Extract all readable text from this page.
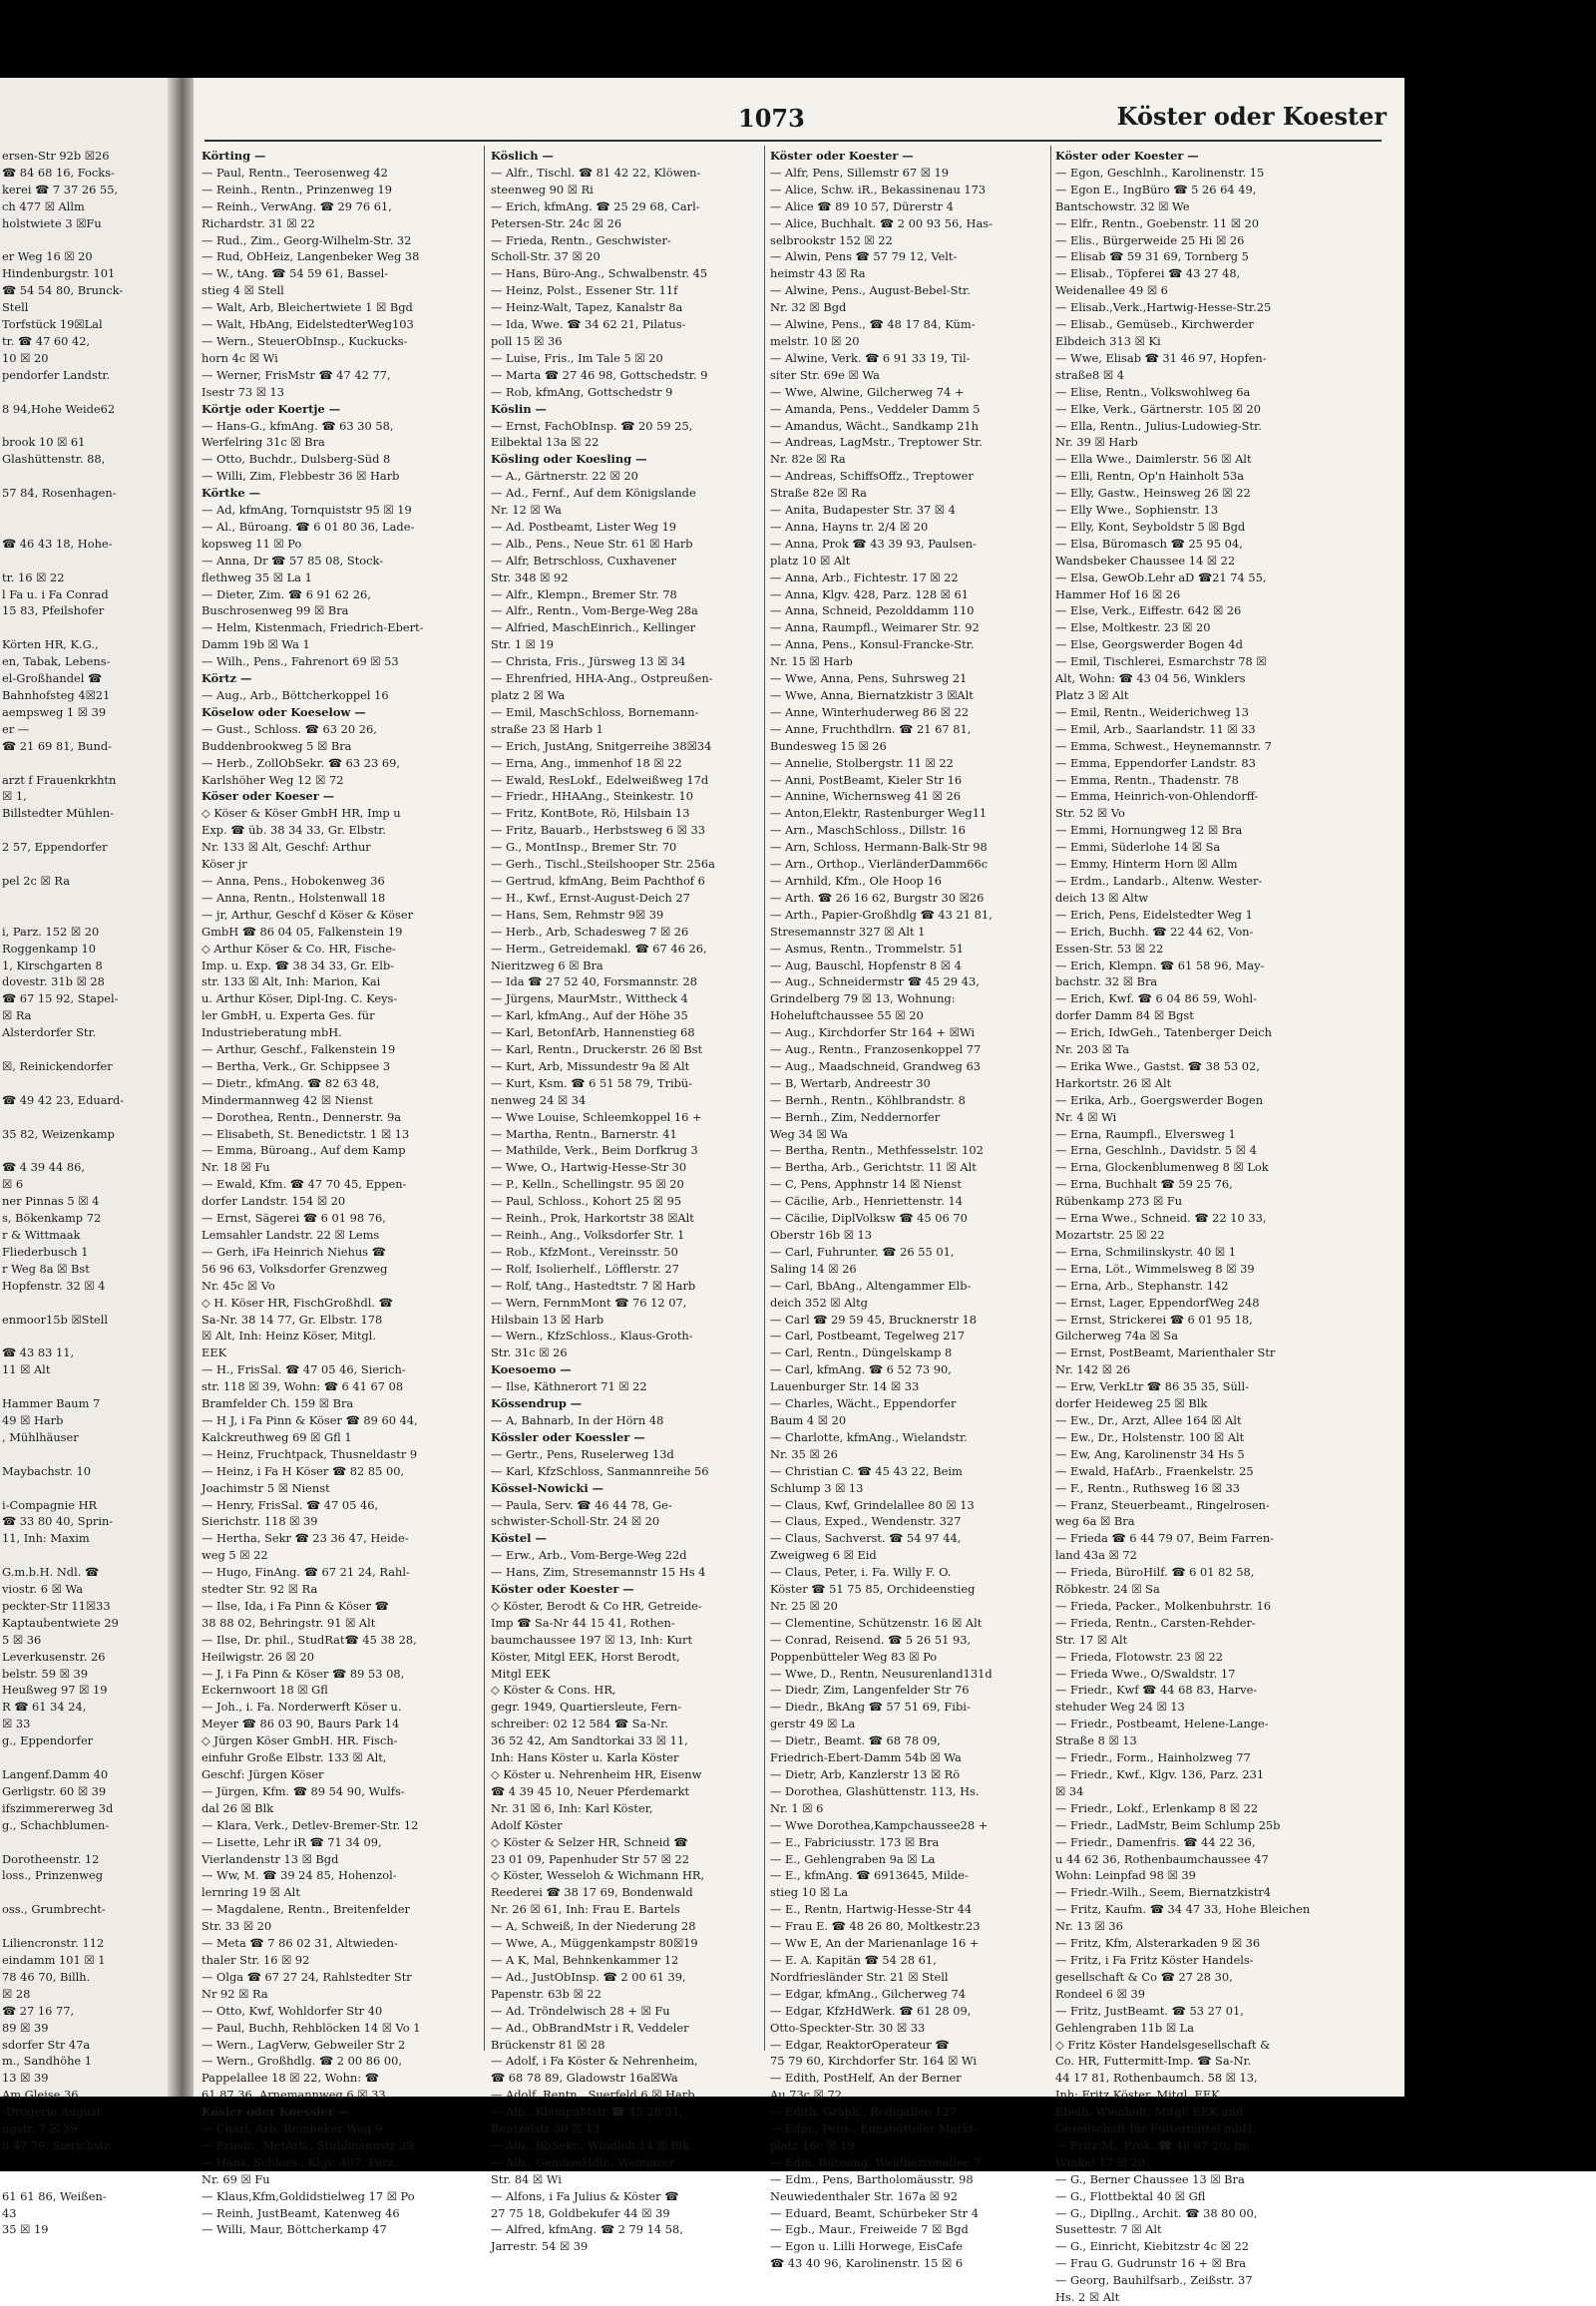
ersen-Str 92b ☒26
☎ 84 68 16, Focks-
kerei ☎ 7 37 26 55,
ch 477 ☒ Allm
holstwiete 3 ☒Fu

er Weg 16 ☒ 20
Hindenburgstr. 101
☎ 54 54 80, Brunck-
Stell
Torfstück 19☒Lal
tr. ☎ 47 60 42,
10 ☒ 20
pendorfer Landstr.

8 94,Hohe Weide62

brook 10 ☒ 61
Glashüttenstr. 88,

57 84, Rosenhagen-

☎ 46 43 18, Hohe-

tr. 16 ☒ 22
l Fa u. i Fa Conrad
15 83, Pfeilshofer

Körten HR, K.G.,
en, Tabak, Lebens-
el-Großhandel ☎
Bahnhofsteg 4☒21
aempsweg 1 ☒ 39
er —
☎ 21 69 81, Bund-

arzt f Frauenkrkhtn
☒ 1,
Billstedter Mühlen-

2 57, Eppendorfer

pel 2c ☒ Ra

i, Parz. 152 ☒ 20
Roggenkamp 10
1, Kirschgarten 8
dovestr. 31b ☒ 28
☎ 67 15 92, Stapel-
☒ Ra
Alsterdorfer Str.

☒, Reinickendorfer

☎ 49 42 23, Eduard-

35 82, Weizenkamp

☎ 4 39 44 86,
☒ 6
ner Pinnas 5 ☒ 4
s, Bökenkamp 72
r & Wittmaak
Fliederbusch 1
r Weg 8a ☒ Bst
Hopfenstr. 32 ☒ 4

enmoor15b ☒Stell

☎ 43 83 11,
11 ☒ Alt

Hammer Baum 7
49 ☒ Harb
, Mühlhäuser

Maybachstr. 10

i-Compagnie HR
☎ 33 80 40, Sprin-
11, Inh: Maxim

G.m.b.H. Ndl. ☎
viostr. 6 ☒ Wa
peckter-Str 11☒33
Kaptaubentwiete 29
5 ☒ 36
Leverkusenstr. 26
belstr. 59 ☒ 39
Heußweg 97 ☒ 19
R ☎ 61 34 24,
☒ 33
g., Eppendorfer

Langenf.Damm 40
Gerligstr. 60 ☒ 39
ifszimmererweg 3d
g., Schachblumen-

Dorotheenstr. 12
loss., Prinzenweg

oss., Grumbrecht-

Liliencronstr. 112
eindamm 101 ☒ 1
78 46 70, Billh.
☒ 28
☎ 27 16 77,
89 ☒ 39
sdorfer Str 47a
m., Sandhöhe 1
13 ☒ 39
Am Gleise 36
-Drogerie August
ngstr. 7 ☒ 39
8 47 79, Sierichstr.

61 61 86, Weißen-
43
35 ☒ 19
1073	Köster oder Koester
Körting —
— Paul, Rentn., Teerosenweg 42
— Reinh., Rentn., Prinzenweg 19
— Reinh., VerwAng. ☎ 29 76 61,
Richardstr. 31 ☒ 22
— Rud., Zim., Georg-Wilhelm-Str. 32
— Rud, ObHeiz, Langenbeker Weg 38
— W., tAng. ☎ 54 59 61, Bassel-
stieg 4 ☒ Stell
— Walt, Arb, Bleichertwiete 1 ☒ Bgd
— Walt, HbAng, EidelstedterWeg103
— Wern., SteuerObInsp., Kuckucks-
horn 4c ☒ Wi
— Werner, FrisMstr ☎ 47 42 77,
Isestr 73 ☒ 13
Körtje oder Koertje —
— Hans-G., kfmAng. ☎ 63 30 58,
Werfelring 31c ☒ Bra
— Otto, Buchdr., Dulsberg-Süd 8
— Willi, Zim, Flebbestr 36 ☒ Harb
Körtke —
— Ad, kfmAng, Tornquiststr 95 ☒ 19
— Al., Büroang. ☎ 6 01 80 36, Lade-
kopsweg 11 ☒ Po
— Anna, Dr ☎ 57 85 08, Stock-
flethweg 35 ☒ La 1
— Dieter, Zim. ☎ 6 91 62 26,
Buschrosenweg 99 ☒ Bra
— Helm, Kistenmach, Friedrich-Ebert-
Damm 19b ☒ Wa 1
— Wilh., Pens., Fahrenort 69 ☒ 53
Körtz —
— Aug., Arb., Böttcherkoppel 16
Köselow oder Koeselow —
— Gust., Schloss. ☎ 63 20 26,
Buddenbrookweg 5 ☒ Bra
— Herb., ZollObSekr. ☎ 63 23 69,
Karlshöher Weg 12 ☒ 72
Köser oder Koeser —
◇ Köser & Köser GmbH HR, Imp u
Exp. ☎ üb. 38 34 33, Gr. Elbstr.
Nr. 133 ☒ Alt, Geschf: Arthur
Köser jr
— Anna, Pens., Hobokenweg 36
— Anna, Rentn., Holstenwall 18
— jr, Arthur, Geschf d Köser & Köser
GmbH ☎ 86 04 05, Falkenstein 19
◇ Arthur Köser & Co. HR, Fische-
Imp. u. Exp. ☎ 38 34 33, Gr. Elb-
str. 133 ☒ Alt, Inh: Marion, Kai
u. Arthur Köser, Dipl-Ing. C. Keys-
ler GmbH, u. Experta Ges. für
Industrieberatung mbH.
— Arthur, Geschf., Falkenstein 19
— Bertha, Verk., Gr. Schippsee 3
— Dietr., kfmAng. ☎ 82 63 48,
Mindermannweg 42 ☒ Nienst
— Dorothea, Rentn., Dennerstr. 9a
— Elisabeth, St. Benedictstr. 1 ☒ 13
— Emma, Büroang., Auf dem Kamp
Nr. 18 ☒ Fu
— Ewald, Kfm. ☎ 47 70 45, Eppen-
dorfer Landstr. 154 ☒ 20
— Ernst, Sägerei ☎ 6 01 98 76,
Lemsahler Landstr. 22 ☒ Lems
— Gerh, iFa Heinrich Niehus ☎
56 96 63, Volksdorfer Grenzweg
Nr. 45c ☒ Vo
◇ H. Köser HR, FischGroßhdl. ☎
Sa-Nr. 38 14 77, Gr. Elbstr. 178
☒ Alt, Inh: Heinz Köser, Mitgl.
EEK
— H., FrisSal. ☎ 47 05 46, Sierich-
str. 118 ☒ 39, Wohn: ☎ 6 41 67 08
Bramfelder Ch. 159 ☒ Bra
— H J, i Fa Pinn & Köser ☎ 89 60 44,
Kalckreuthweg 69 ☒ Gfl 1
— Heinz, Fruchtpack, Thusneldastr 9
— Heinz, i Fa H Köser ☎ 82 85 00,
Joachimstr 5 ☒ Nienst
— Henry, FrisSal. ☎ 47 05 46,
Sierichstr. 118 ☒ 39
— Hertha, Sekr ☎ 23 36 47, Heide-
weg 5 ☒ 22
— Hugo, FinAng. ☎ 67 21 24, Rahl-
stedter Str. 92 ☒ Ra
— Ilse, Ida, i Fa Pinn & Köser ☎
38 88 02, Behringstr. 91 ☒ Alt
— Ilse, Dr. phil., StudRat☎ 45 38 28,
Heilwigstr. 26 ☒ 20
— J, i Fa Pinn & Köser ☎ 89 53 08,
Eckernwoort 18 ☒ Gfl
— Joh., i. Fa. Norderwerft Köser u.
Meyer ☎ 86 03 90, Baurs Park 14
◇ Jürgen Köser GmbH. HR. Fisch-
einfuhr Große Elbstr. 133 ☒ Alt,
Geschf: Jürgen Köser
— Jürgen, Kfm. ☎ 89 54 90, Wulfs-
dal 26 ☒ Blk
— Klara, Verk., Detlev-Bremer-Str. 12
— Lisette, Lehr iR ☎ 71 34 09,
Vierlandenstr 13 ☒ Bgd
— Ww, M. ☎ 39 24 85, Hohenzol-
lernring 19 ☒ Alt
— Magdalene, Rentn., Breitenfelder
Str. 33 ☒ 20
— Meta ☎ 7 86 02 31, Altwieden-
thaler Str. 16 ☒ 92
— Olga ☎ 67 27 24, Rahlstedter Str
Nr 92 ☒ Ra
— Otto, Kwf, Wohldorfer Str 40
— Paul, Buchh, Rehblöcken 14 ☒ Vo 1
— Wern., LagVerw, Gebweiler Str 2
— Wern., Großhdlg. ☎ 2 00 86 00,
Pappelallee 18 ☒ 22, Wohn: ☎
61 87 36, Arnemannweg 6 ☒ 33
Kösler oder Koessler —
— Charl, Arb, Reinbeker Weg 9
— Friedr., MetArb., Stuhlmannstr 29
— Hans, Schloss., Klgv. 407, Parz.
Nr. 69 ☒ Fu
— Klaus,Kfm,Goldidstielweg 17 ☒ Po
— Reinh, JustBeamt, Katenweg 46
— Willi, Maur, Böttcherkamp 47
Köslich —
— Alfr., Tischl. ☎ 81 42 22, Klöwen-
steenweg 90 ☒ Ri
— Erich, kfmAng. ☎ 25 29 68, Carl-
Petersen-Str. 24c ☒ 26
— Frieda, Rentn., Geschwister-
Scholl-Str. 37 ☒ 20
— Hans, Büro-Ang., Schwalbenstr. 45
— Heinz, Polst., Essener Str. 11f
— Heinz-Walt, Tapez, Kanalstr 8a
— Ida, Wwe. ☎ 34 62 21, Pilatus-
poll 15 ☒ 36
— Luise, Fris., Im Tale 5 ☒ 20
— Marta ☎ 27 46 98, Gottschedstr. 9
— Rob, kfmAng, Gottschedstr 9
Köslin —
— Ernst, FachObInsp. ☎ 20 59 25,
Eilbektal 13a ☒ 22
Kösling oder Koesling —
— A., Gärtnerstr. 22 ☒ 20
— Ad., Fernf., Auf dem Königslande
Nr. 12 ☒ Wa
— Ad. Postbeamt, Lister Weg 19
— Alb., Pens., Neue Str. 61 ☒ Harb
— Alfr, Betrschloss, Cuxhavener
Str. 348 ☒ 92
— Alfr., Klempn., Bremer Str. 78
— Alfr., Rentn., Vom-Berge-Weg 28a
— Alfried, MaschEinrich., Kellinger
Str. 1 ☒ 19
— Christa, Fris., Jürsweg 13 ☒ 34
— Ehrenfried, HHA-Ang., Ostpreußen-
platz 2 ☒ Wa
— Emil, MaschSchloss, Bornemann-
straße 23 ☒ Harb 1
— Erich, JustAng, Snitgerreihe 38☒34
— Erna, Ang., immenhof 18 ☒ 22
— Ewald, ResLokf., Edelweißweg 17d
— Friedr., HHAAng., Steinkestr. 10
— Fritz, KontBote, Rö, Hilsbain 13
— Fritz, Bauarb., Herbstsweg 6 ☒ 33
— G., MontInsp., Bremer Str. 70
— Gerh., Tischl.,Steilshooper Str. 256a
— Gertrud, kfmAng, Beim Pachthof 6
— H., Kwf., Ernst-August-Deich 27
— Hans, Sem, Rehmstr 9☒ 39
— Herb., Arb, Schadesweg 7 ☒ 26
— Herm., Getreidemakl. ☎ 67 46 26,
Nieritzweg 6 ☒ Bra
— Ida ☎ 27 52 40, Forsmannstr. 28
— Jürgens, MaurMstr., Wittheck 4
— Karl, kfmAng., Auf der Höhe 35
— Karl, BetonfArb, Hannenstieg 68
— Karl, Rentn., Druckerstr. 26 ☒ Bst
— Kurt, Arb, Missundestr 9a ☒ Alt
— Kurt, Ksm. ☎ 6 51 58 79, Tribü-
nenweg 24 ☒ 34
— Wwe Louise, Schleemkoppel 16 +
— Martha, Rentn., Barnerstr. 41
— Mathilde, Verk., Beim Dorfkrug 3
— Wwe, O., Hartwig-Hesse-Str 30
— P., Kelln., Schellingstr. 95 ☒ 20
— Paul, Schloss., Kohort 25 ☒ 95
— Reinh., Prok, Harkortstr 38 ☒Alt
— Reinh., Ang., Volksdorfer Str. 1
— Rob., KfzMont., Vereinsstr. 50
— Rolf, Isolierhelf., Löfflerstr. 27
— Rolf, tAng., Hastedtstr. 7 ☒ Harb
— Wern, FernmMont ☎ 76 12 07,
Hilsbain 13 ☒ Harb
— Wern., KfzSchloss., Klaus-Groth-
Str. 31c ☒ 26
Koesoemo —
— Ilse, Käthnerort 71 ☒ 22
Kössendrup —
— A, Bahnarb, In der Hörn 48
Kössler oder Koessler —
— Gertr., Pens, Ruselerweg 13d
— Karl, KfzSchloss, Sanmannreihe 56
Kössel-Nowicki —
— Paula, Serv. ☎ 46 44 78, Ge-
schwister-Scholl-Str. 24 ☒ 20
Köstel —
— Erw., Arb., Vom-Berge-Weg 22d
— Hans, Zim, Stresemannstr 15 Hs 4
Köster oder Koester —
◇ Köster, Berodt & Co HR, Getreide-
Imp ☎ Sa-Nr 44 15 41, Rothen-
baumchaussee 197 ☒ 13, Inh: Kurt
Köster, Mitgl EEK, Horst Berodt,
Mitgl EEK
◇ Köster & Cons. HR,
gegr. 1949, Quartiersleute, Fern-
schreiber: 02 12 584 ☎ Sa-Nr.
36 52 42, Am Sandtorkai 33 ☒ 11,
Inh: Hans Köster u. Karla Köster
◇ Köster u. Nehrenheim HR, Eisenw
☎ 4 39 45 10, Neuer Pferdemarkt
Nr. 31 ☒ 6, Inh: Karl Köster,
Adolf Köster
◇ Köster & Selzer HR, Schneid ☎
23 01 09, Papenhuder Str 57 ☒ 22
◇ Köster, Wesseloh & Wichmann HR,
Reederei ☎ 38 17 69, Bondenwald
Nr. 26 ☒ 61, Inh: Frau E. Bartels
— A, Schweiß, In der Niederung 28
— Wwe, A., Müggenkampstr 80☒19
— A K, Mal, Behnkenkammer 12
— Ad., JustObInsp. ☎ 2 00 61 39,
Papenstr. 63b ☒ 22
— Ad. Tröndelwisch 28 + ☒ Fu
— Ad., ObBrandMstr i R, Veddeler
Brückenstr 81 ☒ 28
— Adolf, i Fa Köster & Nehrenheim,
☎ 68 78 89, Gladowstr 16a☒Wa
— Adolf, Rentn., Suerfeld 6 ☒ Harb
— Alb., KlempnMstr ☎ 45 28 51,
Rentzelstr 50 ☒ 13
— Alb., BbSekr., Windloh 14 ☒ Blk
— Alb., GemüseHdlr., Weimarer
Str. 84 ☒ Wi
— Alfons, i Fa Julius & Köster ☎
27 75 18, Goldbekufer 44 ☒ 39
— Alfred, kfmAng. ☎ 2 79 14 58,
Jarrestr. 54 ☒ 39
Köster oder Koester —
— Alfr, Pens, Sillemstr 67 ☒ 19
— Alice, Schw. iR., Bekassinenau 173
— Alice ☎ 89 10 57, Dürerstr 4
— Alice, Buchhalt. ☎ 2 00 93 56, Has-
selbrookstr 152 ☒ 22
— Alwin, Pens ☎ 57 79 12, Velt-
heimstr 43 ☒ Ra
— Alwine, Pens., August-Bebel-Str.
Nr. 32 ☒ Bgd
— Alwine, Pens., ☎ 48 17 84, Küm-
melstr. 10 ☒ 20
— Alwine, Verk. ☎ 6 91 33 19, Til-
siter Str. 69e ☒ Wa
— Wwe, Alwine, Gilcherweg 74 +
— Amanda, Pens., Veddeler Damm 5
— Amandus, Wächt., Sandkamp 21h
— Andreas, LagMstr., Treptower Str.
Nr. 82e ☒ Ra
— Andreas, SchiffsOffz., Treptower
Straße 82e ☒ Ra
— Anita, Budapester Str. 37 ☒ 4
— Anna, Hayns tr. 2/4 ☒ 20
— Anna, Prok ☎ 43 39 93, Paulsen-
platz 10 ☒ Alt
— Anna, Arb., Fichtestr. 17 ☒ 22
— Anna, Klgv. 428, Parz. 128 ☒ 61
— Anna, Schneid, Pezolddamm 110
— Anna, Raumpfl., Weimarer Str. 92
— Anna, Pens., Konsul-Francke-Str.
Nr. 15 ☒ Harb
— Wwe, Anna, Pens, Suhrsweg 21
— Wwe, Anna, Biernatzkistr 3 ☒Alt
— Anne, Winterhuderweg 86 ☒ 22
— Anne, Fruchthdlrn. ☎ 21 67 81,
Bundesweg 15 ☒ 26
— Annelie, Stolbergstr. 11 ☒ 22
— Anni, PostBeamt, Kieler Str 16
— Annine, Wichernsweg 41 ☒ 26
— Anton,Elektr, Rastenburger Weg11
— Arn., MaschSchloss., Dillstr. 16
— Arn, Schloss, Hermann-Balk-Str 98
— Arn., Orthop., VierländerDamm66c
— Arnhild, Kfm., Ole Hoop 16
— Arth. ☎ 26 16 62, Burgstr 30 ☒26
— Arth., Papier-Großhdlg ☎ 43 21 81,
Stresemannstr 327 ☒ Alt 1
— Asmus, Rentn., Trommelstr. 51
— Aug, Bauschl, Hopfenstr 8 ☒ 4
— Aug., Schneidermstr ☎ 45 29 43,
Grindelberg 79 ☒ 13, Wohnung:
Hoheluftchaussee 55 ☒ 20
— Aug., Kirchdorfer Str 164 + ☒Wi
— Aug., Rentn., Franzosenkoppel 77
— Aug., Maadschneid, Grandweg 63
— B, Wertarb, Andreestr 30
— Bernh., Rentn., Köhlbrandstr. 8
— Bernh., Zim, Neddernorfer
Weg 34 ☒ Wa
— Bertha, Rentn., Methfesselstr. 102
— Bertha, Arb., Gerichtstr. 11 ☒ Alt
— C, Pens, Apphnstr 14 ☒ Nienst
— Cäcilie, Arb., Henriettenstr. 14
— Cäcilie, DiplVolksw ☎ 45 06 70
Oberstr 16b ☒ 13
— Carl, Fuhrunter. ☎ 26 55 01,
Saling 14 ☒ 26
— Carl, BbAng., Altengammer Elb-
deich 352 ☒ Altg
— Carl ☎ 29 59 45, Brucknerstr 18
— Carl, Postbeamt, Tegelweg 217
— Carl, Rentn., Düngelskamp 8
— Carl, kfmAng. ☎ 6 52 73 90,
Lauenburger Str. 14 ☒ 33
— Charles, Wächt., Eppendorfer
Baum 4 ☒ 20
— Charlotte, kfmAng., Wielandstr.
Nr. 35 ☒ 26
— Christian C. ☎ 45 43 22, Beim
Schlump 3 ☒ 13
— Claus, Kwf, Grindelallee 80 ☒ 13
— Claus, Exped., Wendenstr. 327
— Claus, Sachverst. ☎ 54 97 44,
Zweigweg 6 ☒ Eid
— Claus, Peter, i. Fa. Willy F. O.
Köster ☎ 51 75 85, Orchideenstieg
Nr. 25 ☒ 20
— Clementine, Schützenstr. 16 ☒ Alt
— Conrad, Reisend. ☎ 5 26 51 93,
Poppenbütteler Weg 83 ☒ Po
— Wwe, D., Rentn, Neusurenland131d
— Diedr, Zim, Langenfelder Str 76
— Diedr., BkAng ☎ 57 51 69, Fibi-
gerstr 49 ☒ La
— Dietr., Beamt. ☎ 68 78 09,
Friedrich-Ebert-Damm 54b ☒ Wa
— Dietr, Arb, Kanzlerstr 13 ☒ Rö
— Dorothea, Glashüttenstr. 113, Hs.
Nr. 1 ☒ 6
— Wwe Dorothea,Kampchaussee28 +
— E., Fabriciusstr. 173 ☒ Bra
— E., Gehlengraben 9a ☒ La
— E., kfmAng. ☎ 6913645, Milde-
stieg 10 ☒ La
— E., Rentn, Hartwig-Hesse-Str 44
— Frau E. ☎ 48 26 80, Moltkestr.23
— Ww E, An der Marienanlage 16 +
— E. A. Kapitän ☎ 54 28 61,
Nordfriesländer Str. 21 ☒ Stell
— Edgar, kfmAng., Gilcherweg 74
— Edgar, KfzHdWerk. ☎ 61 28 09,
Otto-Speckter-Str. 30 ☒ 33
— Edgar, ReaktorOperateur ☎
75 79 60, Kirchdorfer Str. 164 ☒ Wi
— Edith, PostHelf, An der Berner
Au 73c ☒ 72
— Edith, Graph., Rodigallee 127
— Edm., Pens., Eimsbütteler Markt-
platz 16c ☒ 19
— Edm, Büroang, Waldherrenallee 7
— Edm., Pens, Bartholomäusstr. 98
Neuwiedenthaler Str. 167a ☒ 92
— Eduard, Beamt, Schürbeker Str 4
— Egb., Maur., Freiweide 7 ☒ Bgd
— Egon u. Lilli Horwege, EisCafe
☎ 43 40 96, Karolinenstr. 15 ☒ 6
Köster oder Koester —
— Egon, Geschlnh., Karolinenstr. 15
— Egon E., IngBüro ☎ 5 26 64 49,
Bantschowstr. 32 ☒ We
— Elfr., Rentn., Goebenstr. 11 ☒ 20
— Elis., Bürgerweide 25 Hi ☒ 26
— Elisab ☎ 59 31 69, Tornberg 5
— Elisab., Töpferei ☎ 43 27 48,
Weidenallee 49 ☒ 6
— Elisab.,Verk.,Hartwig-Hesse-Str.25
— Elisab., Gemüseb., Kirchwerder
Elbdeich 313 ☒ Ki
— Wwe, Elisab ☎ 31 46 97, Hopfen-
straße8 ☒ 4
— Elise, Rentn., Volkswohlweg 6a
— Elke, Verk., Gärtnerstr. 105 ☒ 20
— Ella, Rentn., Julius-Ludowieg-Str.
Nr. 39 ☒ Harb
— Ella Wwe., Daimlerstr. 56 ☒ Alt
— Elli, Rentn, Op'n Hainholt 53a
— Elly, Gastw., Heinsweg 26 ☒ 22
— Elly Wwe., Sophienstr. 13
— Elly, Kont, Seyboldstr 5 ☒ Bgd
— Elsa, Büromasch ☎ 25 95 04,
Wandsbeker Chaussee 14 ☒ 22
— Elsa, GewOb.Lehr aD ☎21 74 55,
Hammer Hof 16 ☒ 26
— Else, Verk., Eiffestr. 642 ☒ 26
— Else, Moltkestr. 23 ☒ 20
— Else, Georgswerder Bogen 4d
— Emil, Tischlerei, Esmarchstr 78 ☒
Alt, Wohn: ☎ 43 04 56, Winklers
Platz 3 ☒ Alt
— Emil, Rentn., Weiderichweg 13
— Emil, Arb., Saarlandstr. 11 ☒ 33
— Emma, Schwest., Heynemannstr. 7
— Emma, Eppendorfer Landstr. 83
— Emma, Rentn., Thadenstr. 78
— Emma, Heinrich-von-Ohlendorff-
Str. 52 ☒ Vo
— Emmi, Hornungweg 12 ☒ Bra
— Emmi, Süderlohe 14 ☒ Sa
— Emmy, Hinterm Horn ☒ Allm
— Erdm., Landarb., Altenw. Wester-
deich 13 ☒ Altw
— Erich, Pens, Eidelstedter Weg 1
— Erich, Buchh. ☎ 22 44 62, Von-
Essen-Str. 53 ☒ 22
— Erich, Klempn. ☎ 61 58 96, May-
bachstr. 32 ☒ Bra
— Erich, Kwf. ☎ 6 04 86 59, Wohl-
dorfer Damm 84 ☒ Bgst
— Erich, IdwGeh., Tatenberger Deich
Nr. 203 ☒ Ta
— Erika Wwe., Gastst. ☎ 38 53 02,
Harkortstr. 26 ☒ Alt
— Erika, Arb., Goergswerder Bogen
Nr. 4 ☒ Wi
— Erna, Raumpfl., Elversweg 1
— Erna, Geschlnh., Davidstr. 5 ☒ 4
— Erna, Glockenblumenweg 8 ☒ Lok
— Erna, Buchhalt ☎ 59 25 76,
Rübenkamp 273 ☒ Fu
— Erna Wwe., Schneid. ☎ 22 10 33,
Mozartstr. 25 ☒ 22
— Erna, Schmilinskystr. 40 ☒ 1
— Erna, Löt., Wimmelsweg 8 ☒ 39
— Erna, Arb., Stephanstr. 142
— Ernst, Lager, EppendorfWeg 248
— Ernst, Strickerei ☎ 6 01 95 18,
Gilcherweg 74a ☒ Sa
— Ernst, PostBeamt, Marienthaler Str
Nr. 142 ☒ 26
— Erw, VerkLtr ☎ 86 35 35, Süll-
dorfer Heideweg 25 ☒ Blk
— Ew., Dr., Arzt, Allee 164 ☒ Alt
— Ew., Dr., Holstenstr. 100 ☒ Alt
— Ew, Ang, Karolinenstr 34 Hs 5
— Ewald, HafArb., Fraenkelstr. 25
— F., Rentn., Ruthsweg 16 ☒ 33
— Franz, Steuerbeamt., Ringelrosen-
weg 6a ☒ Bra
— Frieda ☎ 6 44 79 07, Beim Farren-
land 43a ☒ 72
— Frieda, BüroHilf. ☎ 6 01 82 58,
Röbkestr. 24 ☒ Sa
— Frieda, Packer., Molkenbuhrstr. 16
— Frieda, Rentn., Carsten-Rehder-
Str. 17 ☒ Alt
— Frieda, Flotowstr. 23 ☒ 22
— Frieda Wwe., O/Swaldstr. 17
— Friedr., Kwf ☎ 44 68 83, Harve-
stehuder Weg 24 ☒ 13
— Friedr., Postbeamt, Helene-Lange-
Straße 8 ☒ 13
— Friedr., Form., Hainholzweg 77
— Friedr., Kwf., Klgv. 136, Parz. 231
☒ 34
— Friedr., Lokf., Erlenkamp 8 ☒ 22
— Friedr., LadMstr, Beim Schlump 25b
— Friedr., Damenfris. ☎ 44 22 36,
u 44 62 36, Rothenbaumchaussee 47
Wohn: Leinpfad 98 ☒ 39
— Friedr.-Wilh., Seem, Biernatzkistr4
— Fritz, Kaufm. ☎ 34 47 33, Hohe Bleichen
Nr. 13 ☒ 36
— Fritz, Kfm, Alsterarkaden 9 ☒ 36
— Fritz, i Fa Fritz Köster Handels-
gesellschaft & Co ☎ 27 28 30,
Rondeel 6 ☒ 39
— Fritz, JustBeamt. ☎ 53 27 01,
Gehlengraben 11b ☒ La
◇ Fritz Köster Handelsgesellschaft &
Co. HR, Futtermitt-Imp. ☎ Sa-Nr.
44 17 81, Rothenbaumch. 58 ☒ 13,
Inh: Fritz Köster, Mitgl. EEK,
Ebeih. Wienholt, Mitgl. EEK und
Gesellschaft für Futtermittel mbH.
— Fritz M., Prok. ☎ 48 07 20, Im
Winkel 17 ☒ 20
— G., Berner Chaussee 13 ☒ Bra
— G., Flottbektal 40 ☒ Gfl
— G., Dipllng., Archit. ☎ 38 80 00,
Susettestr. 7 ☒ Alt
— G., Einricht, Kiebitzstr 4c ☒ 22
— Frau G. Gudrunstr 16 + ☒ Bra
— Georg, Bauhilfsarb., Zeißstr. 37
Hs. 2 ☒ Alt
